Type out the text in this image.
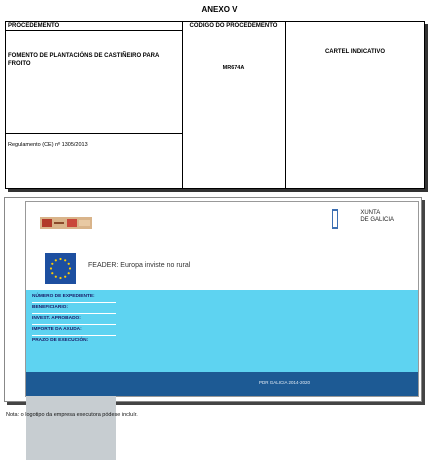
ANEXO V
PROCEDEMENTO
FOMENTO DE PLANTACIÓNS DE CASTIÑEIRO PARA FROITO
Regulamento (CE) nº 1305/2013
CÓDIGO DO PROCEDEMENTO
MR674A
CARTEL INDICATIVO
XUNTA
DE GALICIA
FEADER: Europa inviste no rural
NÚMERO DE EXPEDIENTE:
BENEFICIARIO:
INVEST. APROBADO:
IMPORTE DA AXUDA:
PRAZO DE EXECUCIÓN:
PDR GALICIA 2014-2020
Nota: o logotipo da empresa executora pódese incluír.
